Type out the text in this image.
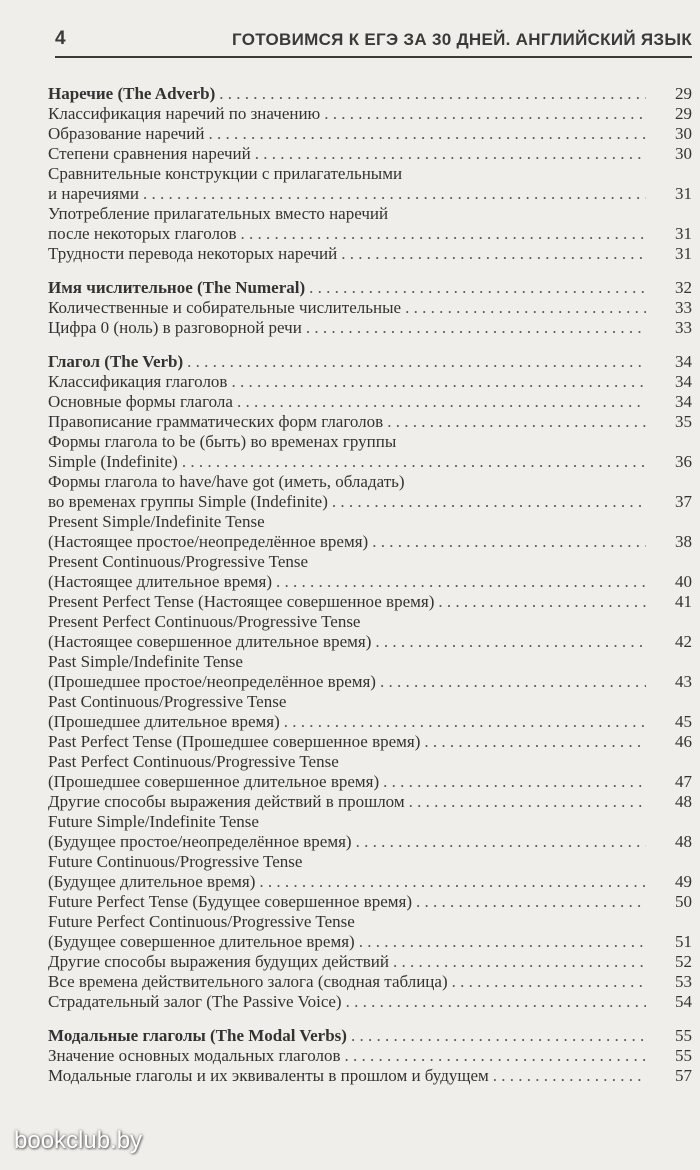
4	ГОТОВИМСЯ К ЕГЭ ЗА 30 ДНЕЙ. АНГЛИЙСКИЙ ЯЗЫК
Наречие (The Adverb) . . .	29
Классификация наречий по значению . . .	29
Образование наречий . . .	30
Степени сравнения наречий . . .	30
Сравнительные конструкции с прилагательными
и наречиями . . .	31
Употребление прилагательных вместо наречий
после некоторых глаголов . . .	31
Трудности перевода некоторых наречий . . .	31
Имя числительное (The Numeral) . . .	32
Количественные и собирательные числительные . . .	33
Цифра 0 (ноль) в разговорной речи . . .	33
Глагол (The Verb) . . .	34
Классификация глаголов . . .	34
Основные формы глагола . . .	34
Правописание грамматических форм глаголов . . .	35
Формы глагола to be (быть) во временах группы
Simple (Indefinite) . . .	36
Формы глагола to have/have got (иметь, обладать)
во временах группы Simple (Indefinite) . . .	37
Present Simple/Indefinite Tense
(Настоящее простое/неопределённое время) . . .	38
Present Continuous/Progressive Tense
(Настоящее длительное время) . . .	40
Present Perfect Tense (Настоящее совершенное время) . . .	41
Present Perfect Continuous/Progressive Tense
(Настоящее совершенное длительное время) . . .	42
Past Simple/Indefinite Tense
(Прошедшее простое/неопределённое время) . . .	43
Past Continuous/Progressive Tense
(Прошедшее длительное время) . . .	45
Past Perfect Tense (Прошедшее совершенное время) . . .	46
Past Perfect Continuous/Progressive Tense
(Прошедшее совершенное длительное время) . . .	47
Другие способы выражения действий в прошлом . . .	48
Future Simple/Indefinite Tense
(Будущее простое/неопределённое время) . . .	48
Future Continuous/Progressive Tense
(Будущее длительное время) . . .	49
Future Perfect Tense (Будущее совершенное время) . . .	50
Future Perfect Continuous/Progressive Tense
(Будущее совершенное длительное время) . . .	51
Другие способы выражения будущих действий . . .	52
Все времена действительного залога (сводная таблица) . . .	53
Страдательный залог (The Passive Voice) . . .	54
Модальные глаголы (The Modal Verbs) . . .	55
Значение основных модальных глаголов . . .	55
Модальные глаголы и их эквиваленты в прошлом и будущем . . .	57
bookclub.by
